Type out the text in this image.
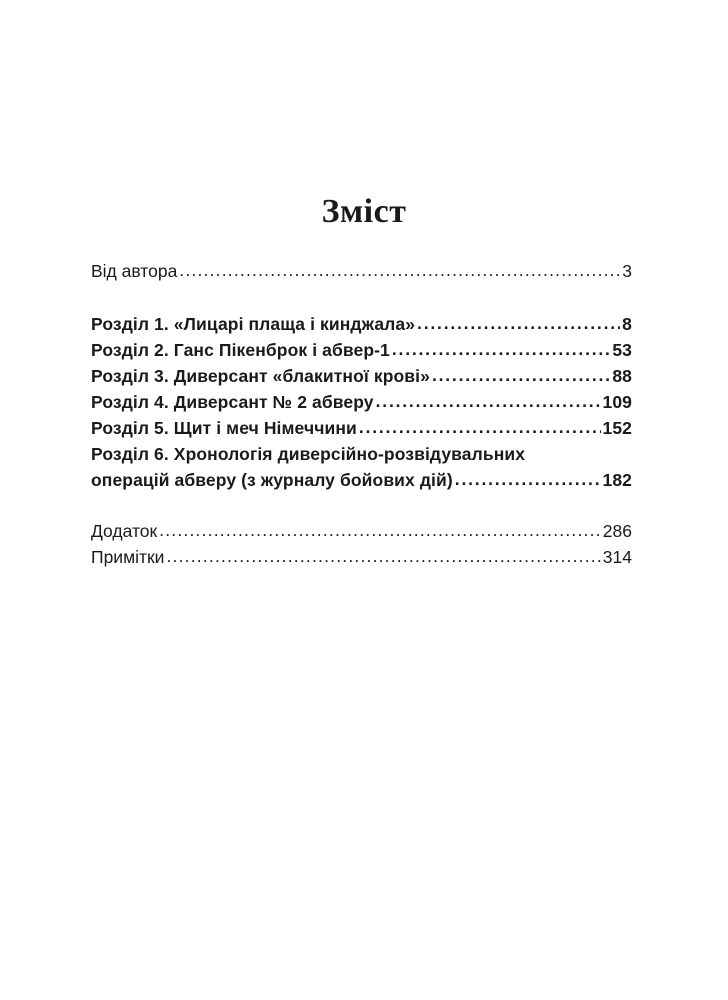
Зміст
Від автора .....	3
Розділ 1. «Лицарі плаща і кинджала» .....	8
Розділ 2. Ганс Пікенброк і абвер-1 .....	53
Розділ 3. Диверсант «блакитної крові» .....	88
Розділ 4. Диверсант № 2 абверу .....	109
Розділ 5. Щит і меч Німеччини .....	152
Розділ 6. Хронологія диверсійно-розвідувальних
операцій абверу (з журналу бойових дій) .....	182
Додаток .....	286
Примітки .....	314
